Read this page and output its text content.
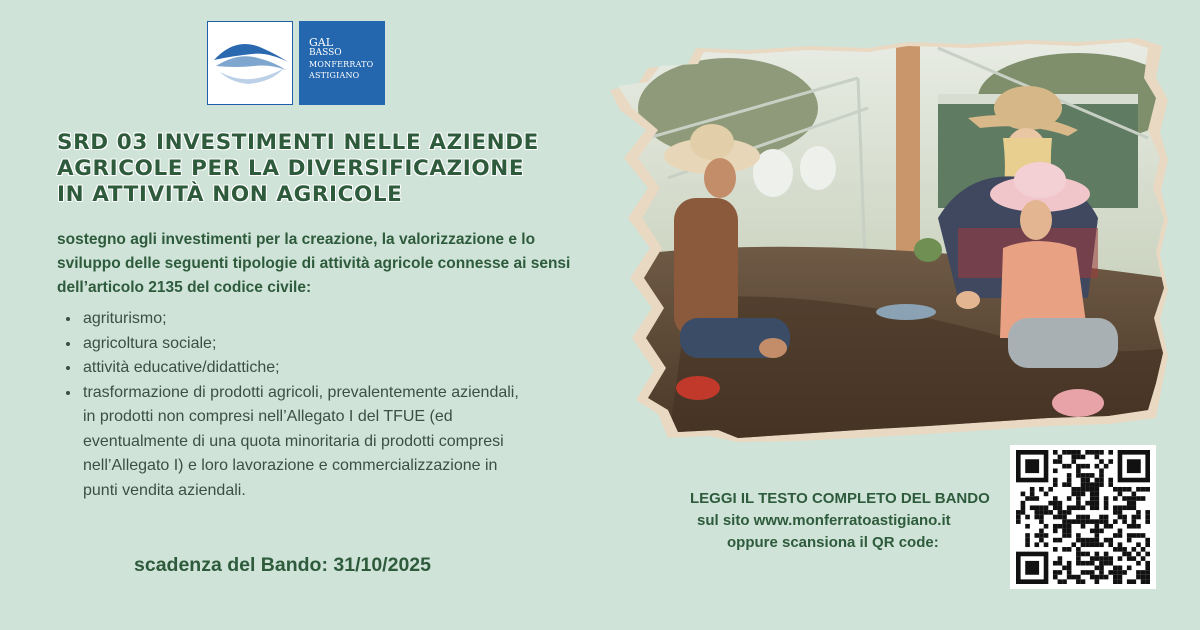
GAL
BASSO
MONFERRATO
ASTIGIANO
SRD 03 INVESTIMENTI NELLE AZIENDE
AGRICOLE PER LA DIVERSIFICAZIONE
IN ATTIVITÀ NON AGRICOLE
sostegno agli investimenti per la creazione, la valorizzazione e lo sviluppo delle seguenti tipologie di attività agricole connesse ai sensi dell’articolo 2135 del codice civile:
agriturismo;
agricoltura sociale;
attività educative/didattiche;
trasformazione di prodotti agricoli, prevalentemente aziendali, in prodotti non compresi nell’Allegato I del TFUE (ed eventualmente di una quota minoritaria di prodotti compresi nell’Allegato I) e loro lavorazione e commercializzazione in punti vendita aziendali.
scadenza del Bando: 31/10/2025
LEGGI IL TESTO COMPLETO DEL BANDO
sul sito www.monferratoastigiano.it
oppure scansiona il QR code:
